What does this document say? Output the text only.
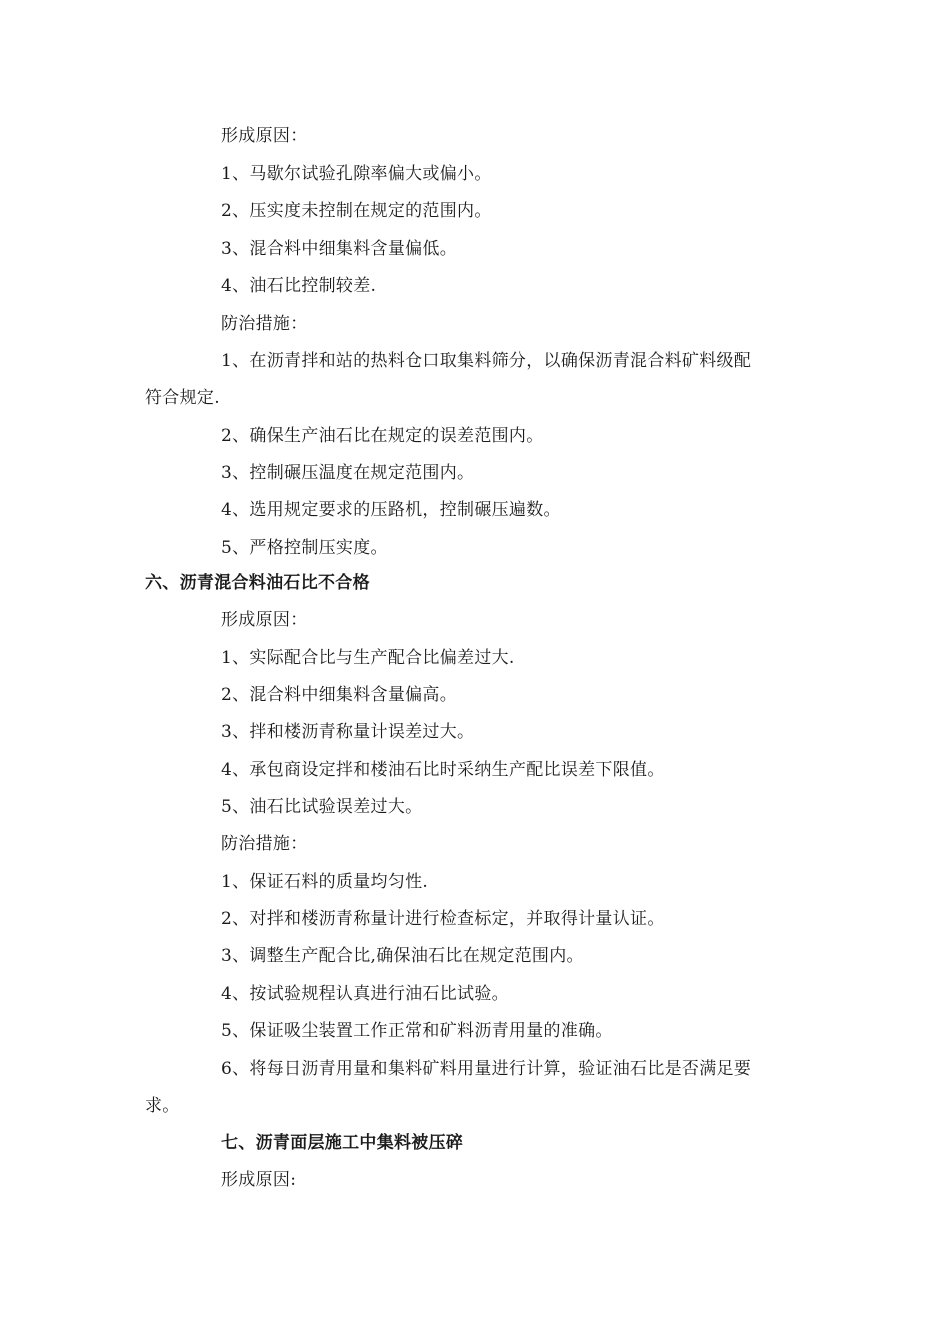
形成原因：
1、马歇尔试验孔隙率偏大或偏小。
2、压实度未控制在规定的范围内。
3、混合料中细集料含量偏低。
4、油石比控制较差.
防治措施：
1、在沥青拌和站的热料仓口取集料筛分，以确保沥青混合料矿料级配
符合规定.
2、确保生产油石比在规定的误差范围内。
3、控制碾压温度在规定范围内。
4、选用规定要求的压路机，控制碾压遍数。
5、严格控制压实度。
六、沥青混合料油石比不合格
形成原因：
1、实际配合比与生产配合比偏差过大.
2、混合料中细集料含量偏高。
3、拌和楼沥青称量计误差过大。
4、承包商设定拌和楼油石比时采纳生产配比误差下限值。
5、油石比试验误差过大。
防治措施：
1、保证石料的质量均匀性.
2、对拌和楼沥青称量计进行检查标定，并取得计量认证。
3、调整生产配合比,确保油石比在规定范围内。
4、按试验规程认真进行油石比试验。
5、保证吸尘装置工作正常和矿料沥青用量的准确。
6、将每日沥青用量和集料矿料用量进行计算，验证油石比是否满足要
求。
七、沥青面层施工中集料被压碎
形成原因:
